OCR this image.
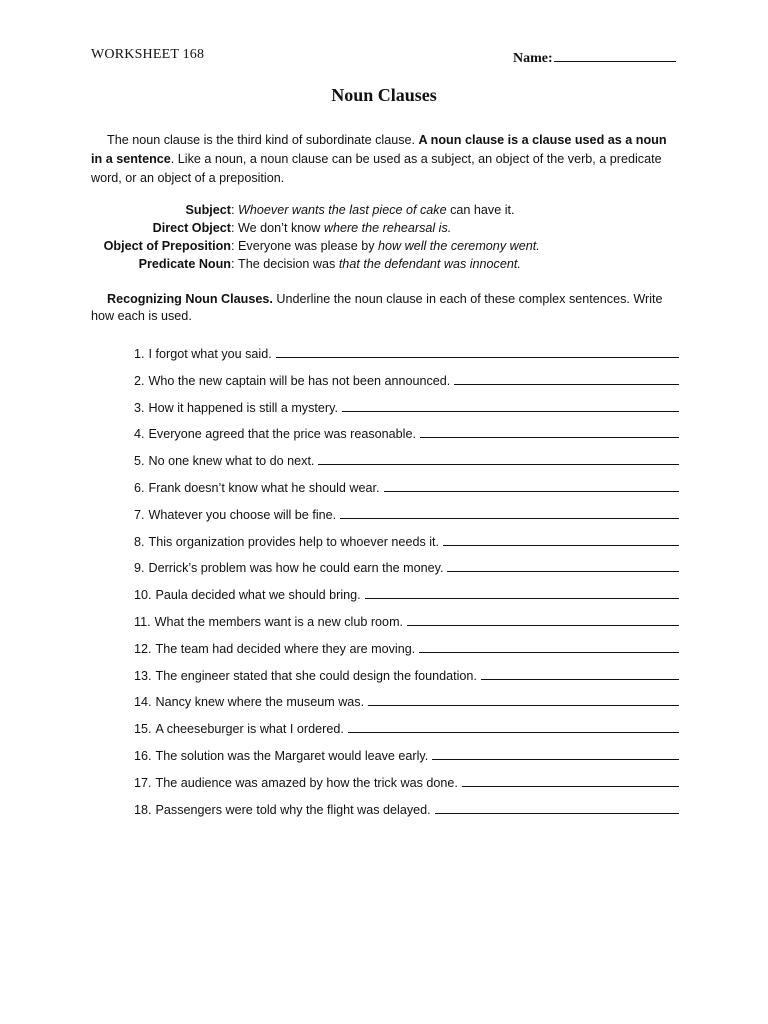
WORKSHEET 168	Name:
Noun Clauses
The noun clause is the third kind of subordinate clause. A noun clause is a clause used as a noun in a sentence. Like a noun, a noun clause can be used as a subject, an object of the verb, a predicate word, or an object of a preposition.
Subject : Whoever wants the last piece of cake can have it.
Direct Object : We don’t know where the rehearsal is.
Object of Preposition : Everyone was please by how well the ceremony went.
Predicate Noun : The decision was that the defendant was innocent.
Recognizing Noun Clauses. Underline the noun clause in each of these complex sentences. Write how each is used.
1. I forgot what you said.
2. Who the new captain will be has not been announced.
3. How it happened is still a mystery.
4. Everyone agreed that the price was reasonable.
5. No one knew what to do next.
6. Frank doesn’t know what he should wear.
7. Whatever you choose will be fine.
8. This organization provides help to whoever needs it.
9. Derrick’s problem was how he could earn the money.
10. Paula decided what we should bring.
11. What the members want is a new club room.
12. The team had decided where they are moving.
13. The engineer stated that she could design the foundation.
14. Nancy knew where the museum was.
15. A cheeseburger is what I ordered.
16. The solution was the Margaret would leave early.
17. The audience was amazed by how the trick was done.
18. Passengers were told why the flight was delayed.
